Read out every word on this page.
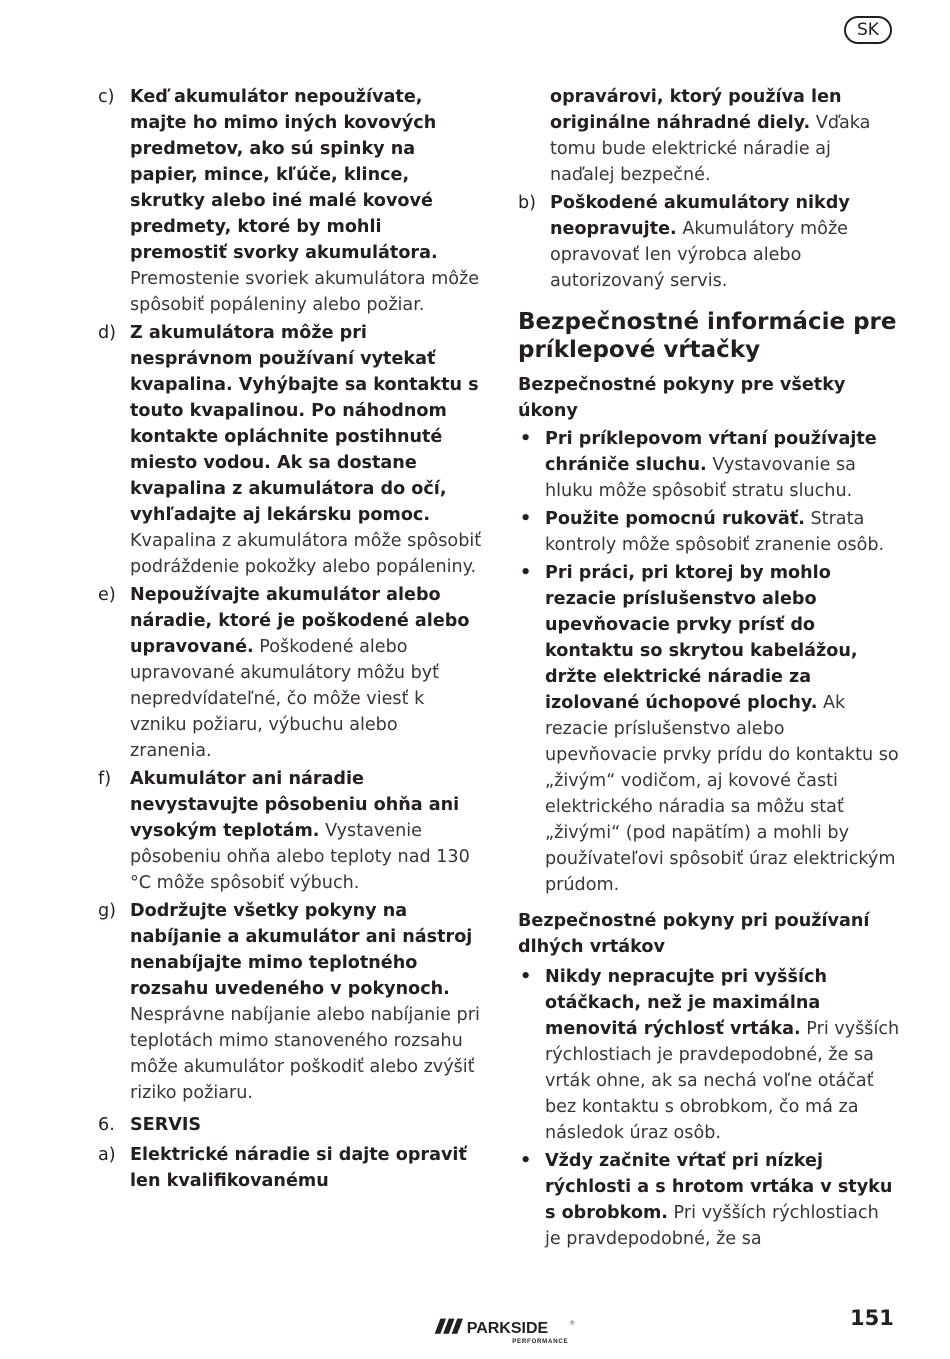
SK
c) Keď akumulátor nepoužívate, majte ho mimo iných kovových predmetov, ako sú spinky na papier, mince, kľúče, klince, skrutky alebo iné malé kovové predmety, ktoré by mohli premostiť svorky akumulátora. Premostenie svoriek akumulátora môže spôsobiť popáleniny alebo požiar.
d) Z akumulátora môže pri nesprávnom používaní vytekať kvapalina. Vyhýbajte sa kontaktu s touto kvapalinou. Po náhodnom kontakte opláchnite postihnuté miesto vodou. Ak sa dostane kvapalina z akumulátora do očí, vyhľadajte aj lekársku pomoc. Kvapalina z akumulátora môže spôsobiť podráždenie pokožky alebo popáleniny.
e) Nepoužívajte akumulátor alebo náradie, ktoré je poškodené alebo upravované. Poškodené alebo upravované akumulátory môžu byť nepredvídateľné, čo môže viesť k vzniku požiaru, výbuchu alebo zranenia.
f) Akumulátor ani náradie nevystavujte pôsobeniu ohňa ani vysokým teplotám. Vystavenie pôsobeniu ohňa alebo teploty nad 130 °C môže spôsobiť výbuch.
g) Dodržujte všetky pokyny na nabíjanie a akumulátor ani nástroj nenabíjajte mimo teplotného rozsahu uvedeného v pokynoch. Nesprávne nabíjanie alebo nabíjanie pri teplotách mimo stanoveného rozsahu môže akumulátor poškodiť alebo zvýšiť riziko požiaru.
6. SERVIS
a) Elektrické náradie si dajte opraviť len kvalifikovanému
opravárovi, ktorý používa len originálne náhradné diely. Vďaka tomu bude elektrické náradie aj naďalej bezpečné.
b) Poškodené akumulátory nikdy neopravujte. Akumulátory môže opravovať len výrobca alebo autorizovaný servis.
Bezpečnostné informácie pre príklepové vŕtačky
Bezpečnostné pokyny pre všetky úkony
• Pri príklepovom vŕtaní používajte chrániče sluchu. Vystavovanie sa hluku môže spôsobiť stratu sluchu.
• Použite pomocnú rukoväť. Strata kontroly môže spôsobiť zranenie osôb.
• Pri práci, pri ktorej by mohlo rezacie príslušenstvo alebo upevňovacie prvky prísť do kontaktu so skrytou kabelážou, držte elektrické náradie za izolované úchopové plochy. Ak rezacie príslušenstvo alebo upevňovacie prvky prídu do kontaktu so „živým“ vodičom, aj kovové časti elektrického náradia sa môžu stať „živými“ (pod napätím) a mohli by používateľovi spôsobiť úraz elektrickým prúdom.
Bezpečnostné pokyny pri používaní dlhých vrtákov
• Nikdy nepracujte pri vyšších otáčkach, než je maximálna menovitá rýchlosť vrtáka. Pri vyšších rýchlostiach je pravdepodobné, že sa vrták ohne, ak sa nechá voľne otáčať bez kontaktu s obrobkom, čo má za následok úraz osôb.
• Vždy začnite vŕtať pri nízkej rýchlosti a s hrotom vrtáka v styku s obrobkom. Pri vyšších rýchlostiach je pravdepodobné, že sa
PARKSIDE	®
PERFORMANCE
151
